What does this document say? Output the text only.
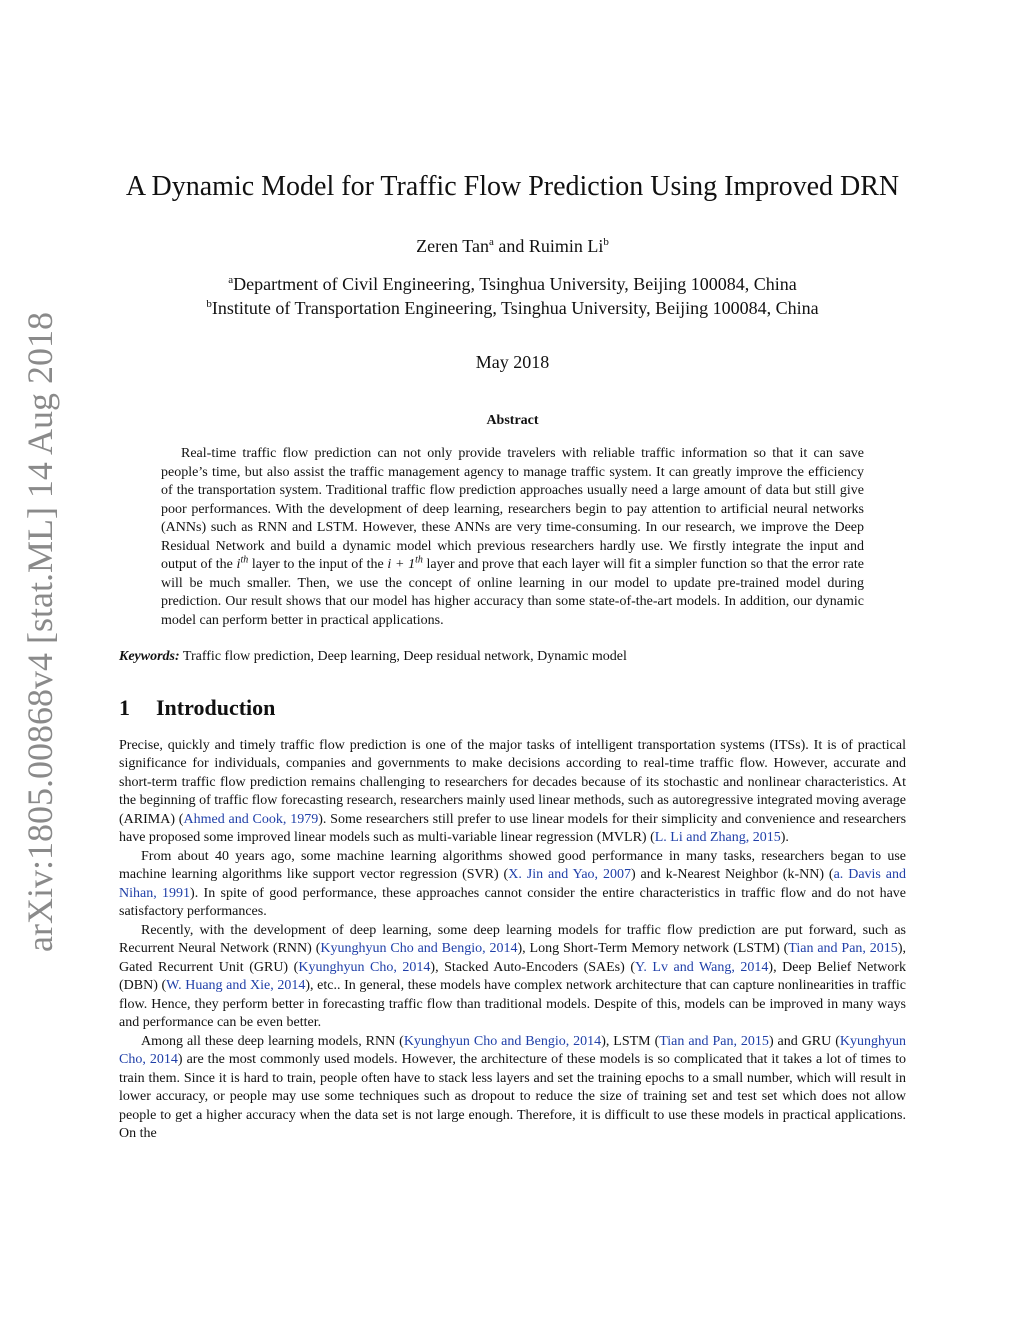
arXiv:1805.00868v4 [stat.ML] 14 Aug 2018
A Dynamic Model for Traffic Flow Prediction Using Improved DRN
Zeren Tan$^a$ and Ruimin Li$^b$
$^a$Department of Civil Engineering, Tsinghua University, Beijing 100084, China
$^b$Institute of Transportation Engineering, Tsinghua University, Beijing 100084, China
May 2018
Abstract

Real-time traffic flow prediction can not only provide travelers with reliable traffic information so that it can save people’s time, but also assist the traffic management agency to manage traffic system. It can greatly improve the efficiency of the transportation system. Traditional traffic flow prediction approaches usually need a large amount of data but still give poor performances. With the development of deep learning, researchers begin to pay attention to artificial neural networks (ANNs) such as RNN and LSTM. However, these ANNs are very time-consuming. In our research, we improve the Deep Residual Network and build a dynamic model which previous researchers hardly use. We firstly integrate the input and output of the $i^{th}$ layer to the input of the i + 1th layer and prove that each layer will fit a simpler function so that the error rate will be much smaller. Then, we use the concept of online learning in our model to update pre-trained model during prediction. Our result shows that our model has higher accuracy than some state-of-the-art models. In addition, our dynamic model can perform better in practical applications.

Keywords: Traffic flow prediction, Deep learning, Deep residual network, Dynamic model
1 Introduction

Precise, quickly and timely traffic flow prediction is one of the major tasks of intelligent transportation systems (ITSs). It is of practical significance for individuals, companies and governments to make decisions according to real-time traffic flow. However, accurate and short-term traffic flow prediction remains challenging to researchers for decades because of its stochastic and nonlinear characteristics. At the beginning of traffic flow forecasting research, researchers mainly used linear methods, such as autoregressive integrated moving average (ARIMA) (Ahmed and Cook, 1979). Some researchers still prefer to use linear models for their simplicity and convenience and researchers have proposed some improved linear models such as multi-variable linear regression (MVLR) (L. Li and Zhang, 2015).

From about 40 years ago, some machine learning algorithms showed good performance in many tasks, researchers began to use machine learning algorithms like support vector regression (SVR) (X. Jin and Yao, 2007) and k-Nearest Neighbor (k-NN) (a. Davis and Nihan, 1991). In spite of good performance, these approaches cannot consider the entire characteristics in traffic flow and do not have satisfactory performances.

Recently, with the development of deep learning, some deep learning models for traffic flow prediction are put forward, such as Recurrent Neural Network (RNN) (Kyunghyun Cho and Bengio, 2014), Long Short-Term Memory network (LSTM) (Tian and Pan, 2015), Gated Recurrent Unit (GRU) (Kyunghyun Cho, 2014), Stacked Auto-Encoders (SAEs) (Y. Lv and Wang, 2014), Deep Belief Network (DBN) (W. Huang and Xie, 2014), etc.. In general, these models have complex network architecture that can capture nonlinearities in traffic flow. Hence, they perform better in forecasting traffic flow than traditional models. Despite of this, models can be improved in many ways and performance can be even better.

Among all these deep learning models, RNN (Kyunghyun Cho and Bengio, 2014), LSTM (Tian and Pan, 2015) and GRU (Kyunghyun Cho, 2014) are the most commonly used models. However, the architecture of these models is so complicated that it takes a lot of times to train them. Since it is hard to train, people often have to stack less layers and set the training epochs to a small number, which will result in lower accuracy, or people may use some techniques such as dropout to reduce the size of training set and test set which does not allow people to get a higher accuracy when the data set is not large enough. Therefore, it is difficult to use these models in practical applications. On the
